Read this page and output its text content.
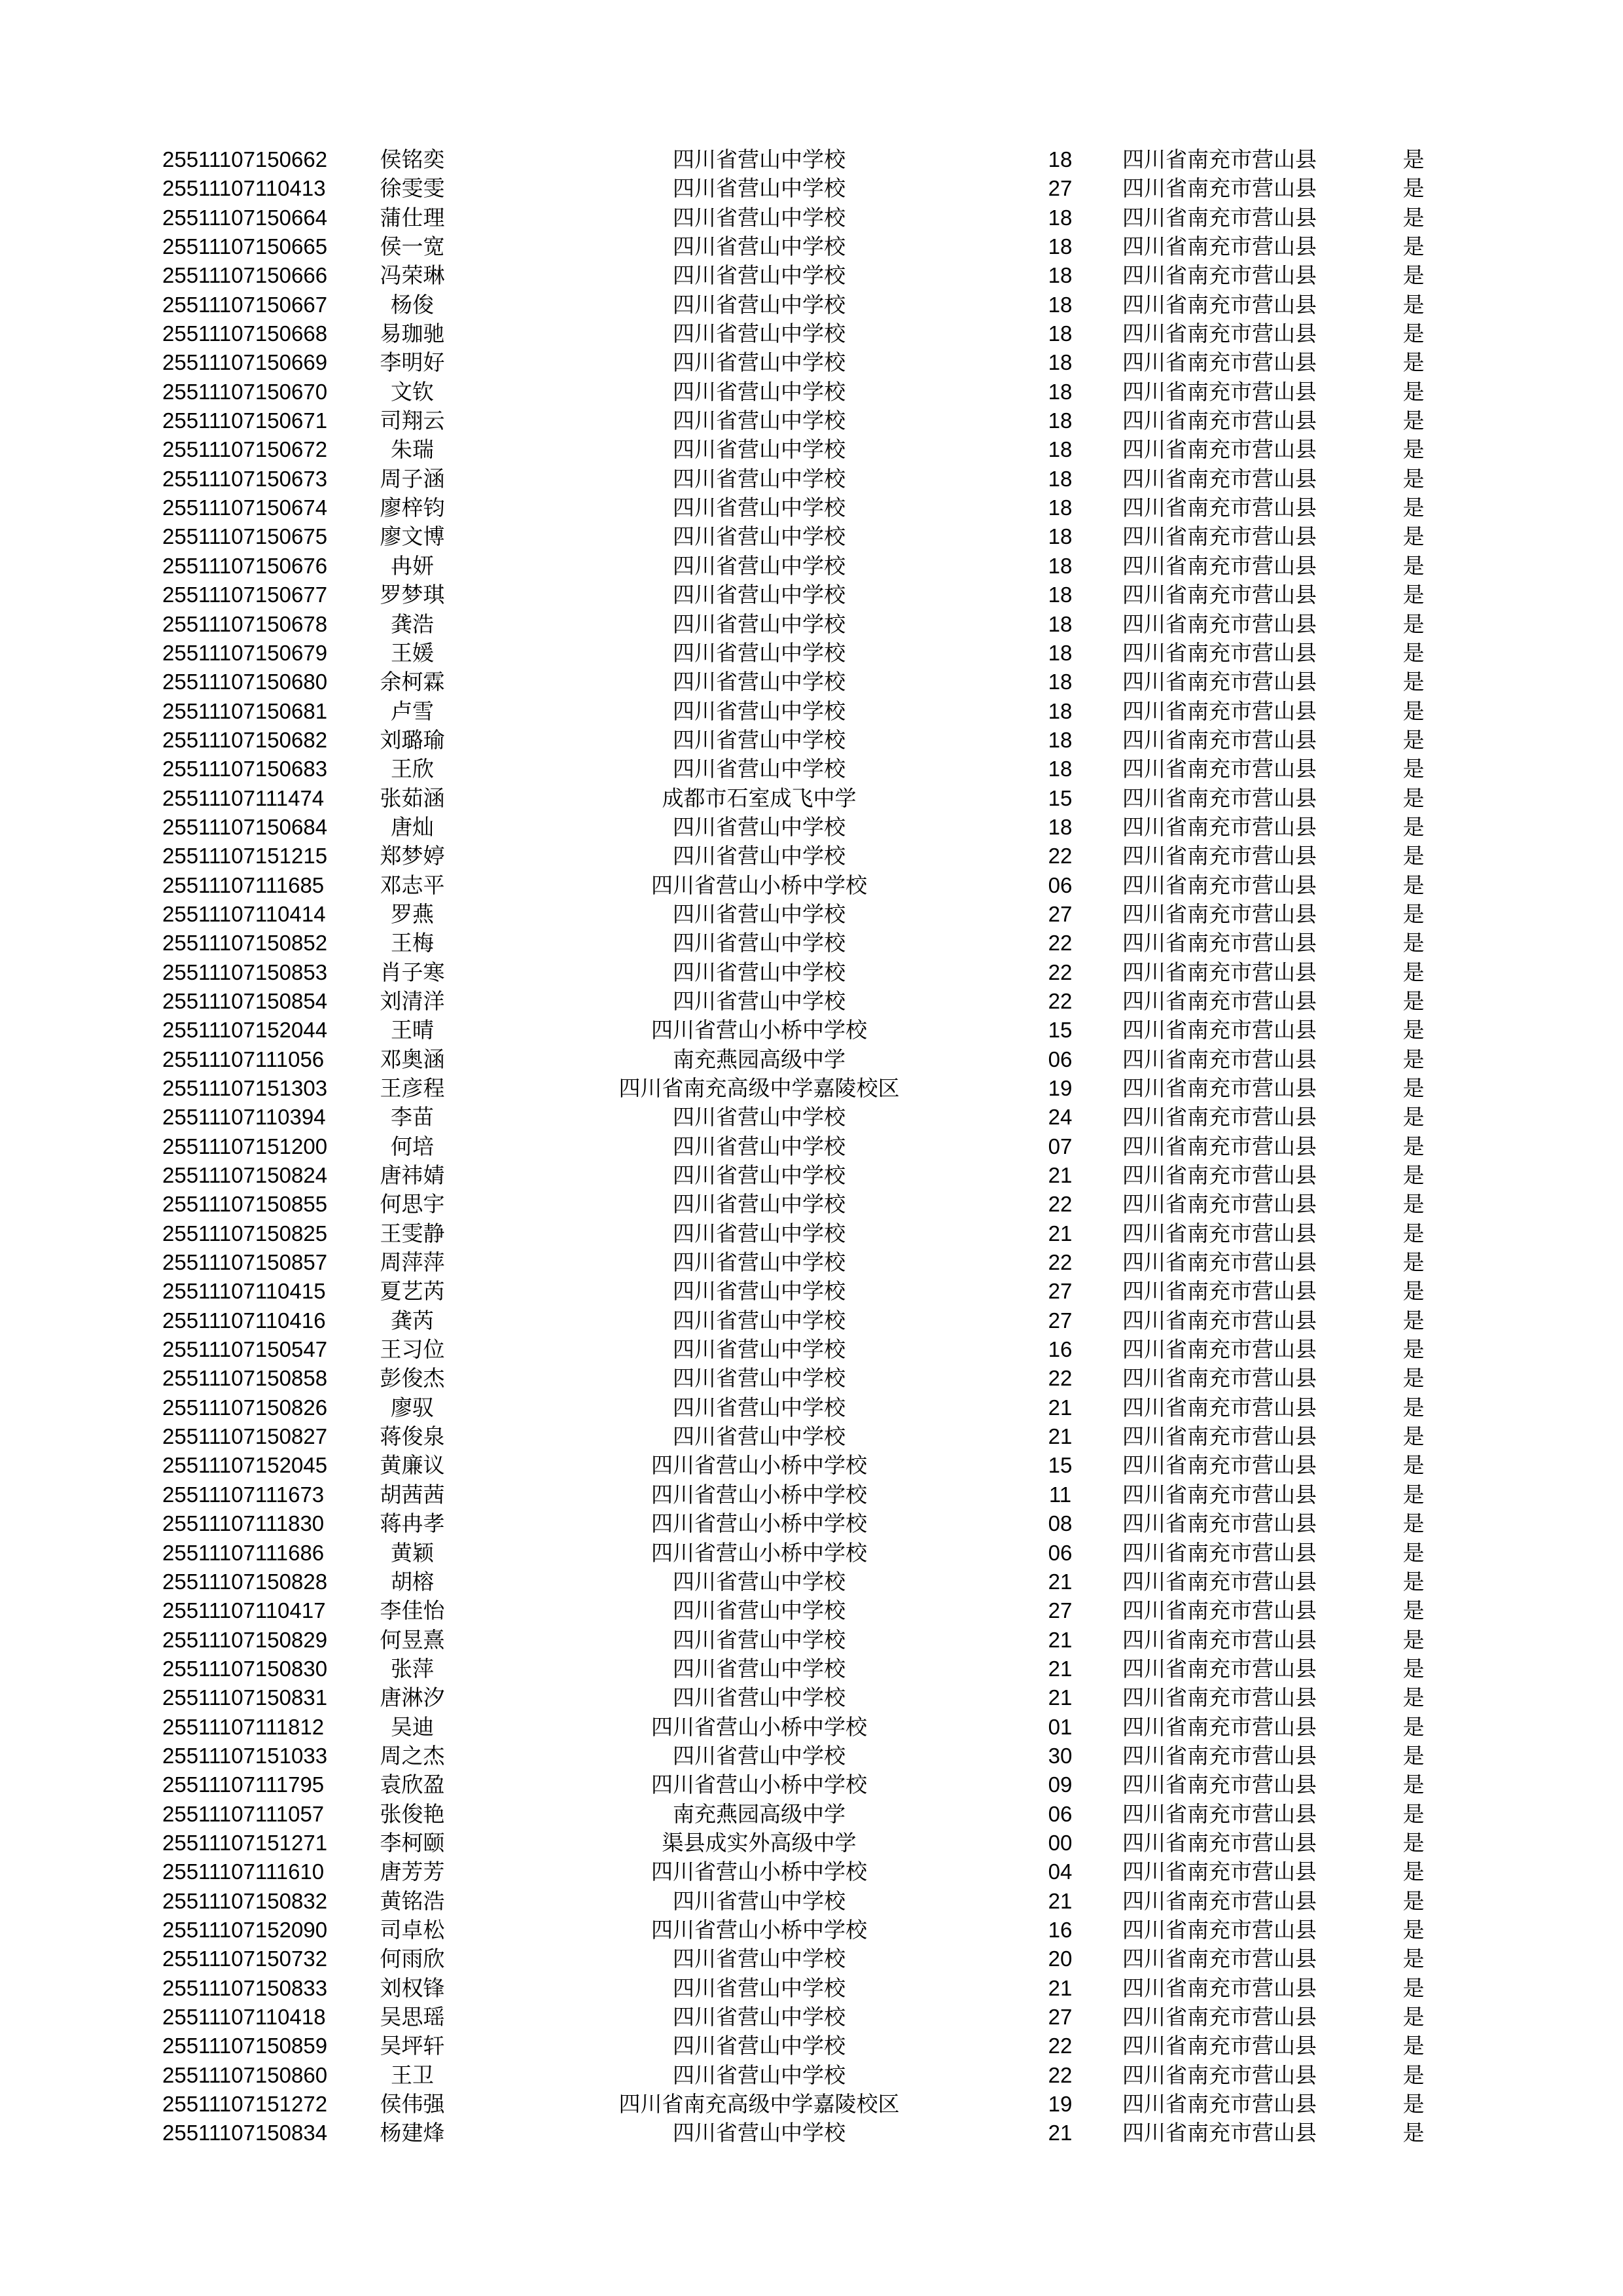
25511107150662	侯铭奕	四川省营山中学校	18	四川省南充市营山县	是
25511107110413	徐雯雯	四川省营山中学校	27	四川省南充市营山县	是
25511107150664	蒲仕理	四川省营山中学校	18	四川省南充市营山县	是
25511107150665	侯一宽	四川省营山中学校	18	四川省南充市营山县	是
25511107150666	冯荣琳	四川省营山中学校	18	四川省南充市营山县	是
25511107150667	杨俊	四川省营山中学校	18	四川省南充市营山县	是
25511107150668	易珈驰	四川省营山中学校	18	四川省南充市营山县	是
25511107150669	李明好	四川省营山中学校	18	四川省南充市营山县	是
25511107150670	文钦	四川省营山中学校	18	四川省南充市营山县	是
25511107150671	司翔云	四川省营山中学校	18	四川省南充市营山县	是
25511107150672	朱瑞	四川省营山中学校	18	四川省南充市营山县	是
25511107150673	周子涵	四川省营山中学校	18	四川省南充市营山县	是
25511107150674	廖梓钧	四川省营山中学校	18	四川省南充市营山县	是
25511107150675	廖文博	四川省营山中学校	18	四川省南充市营山县	是
25511107150676	冉妍	四川省营山中学校	18	四川省南充市营山县	是
25511107150677	罗梦琪	四川省营山中学校	18	四川省南充市营山县	是
25511107150678	龚浩	四川省营山中学校	18	四川省南充市营山县	是
25511107150679	王媛	四川省营山中学校	18	四川省南充市营山县	是
25511107150680	余柯霖	四川省营山中学校	18	四川省南充市营山县	是
25511107150681	卢雪	四川省营山中学校	18	四川省南充市营山县	是
25511107150682	刘璐瑜	四川省营山中学校	18	四川省南充市营山县	是
25511107150683	王欣	四川省营山中学校	18	四川省南充市营山县	是
25511107111474	张茹涵	成都市石室成飞中学	15	四川省南充市营山县	是
25511107150684	唐灿	四川省营山中学校	18	四川省南充市营山县	是
25511107151215	郑梦婷	四川省营山中学校	22	四川省南充市营山县	是
25511107111685	邓志平	四川省营山小桥中学校	06	四川省南充市营山县	是
25511107110414	罗燕	四川省营山中学校	27	四川省南充市营山县	是
25511107150852	王梅	四川省营山中学校	22	四川省南充市营山县	是
25511107150853	肖子寒	四川省营山中学校	22	四川省南充市营山县	是
25511107150854	刘清洋	四川省营山中学校	22	四川省南充市营山县	是
25511107152044	王晴	四川省营山小桥中学校	15	四川省南充市营山县	是
25511107111056	邓奥涵	南充燕园高级中学	06	四川省南充市营山县	是
25511107151303	王彦程	四川省南充高级中学嘉陵校区	19	四川省南充市营山县	是
25511107110394	李苗	四川省营山中学校	24	四川省南充市营山县	是
25511107151200	何培	四川省营山中学校	07	四川省南充市营山县	是
25511107150824	唐祎婧	四川省营山中学校	21	四川省南充市营山县	是
25511107150855	何思宇	四川省营山中学校	22	四川省南充市营山县	是
25511107150825	王雯静	四川省营山中学校	21	四川省南充市营山县	是
25511107150857	周萍萍	四川省营山中学校	22	四川省南充市营山县	是
25511107110415	夏艺芮	四川省营山中学校	27	四川省南充市营山县	是
25511107110416	龚芮	四川省营山中学校	27	四川省南充市营山县	是
25511107150547	王习位	四川省营山中学校	16	四川省南充市营山县	是
25511107150858	彭俊杰	四川省营山中学校	22	四川省南充市营山县	是
25511107150826	廖驭	四川省营山中学校	21	四川省南充市营山县	是
25511107150827	蒋俊泉	四川省营山中学校	21	四川省南充市营山县	是
25511107152045	黄廉议	四川省营山小桥中学校	15	四川省南充市营山县	是
25511107111673	胡茜茜	四川省营山小桥中学校	11	四川省南充市营山县	是
25511107111830	蒋冉孝	四川省营山小桥中学校	08	四川省南充市营山县	是
25511107111686	黄颖	四川省营山小桥中学校	06	四川省南充市营山县	是
25511107150828	胡榕	四川省营山中学校	21	四川省南充市营山县	是
25511107110417	李佳怡	四川省营山中学校	27	四川省南充市营山县	是
25511107150829	何昱熹	四川省营山中学校	21	四川省南充市营山县	是
25511107150830	张萍	四川省营山中学校	21	四川省南充市营山县	是
25511107150831	唐淋汐	四川省营山中学校	21	四川省南充市营山县	是
25511107111812	吴迪	四川省营山小桥中学校	01	四川省南充市营山县	是
25511107151033	周之杰	四川省营山中学校	30	四川省南充市营山县	是
25511107111795	袁欣盈	四川省营山小桥中学校	09	四川省南充市营山县	是
25511107111057	张俊艳	南充燕园高级中学	06	四川省南充市营山县	是
25511107151271	李柯颐	渠县成实外高级中学	00	四川省南充市营山县	是
25511107111610	唐芳芳	四川省营山小桥中学校	04	四川省南充市营山县	是
25511107150832	黄铭浩	四川省营山中学校	21	四川省南充市营山县	是
25511107152090	司卓松	四川省营山小桥中学校	16	四川省南充市营山县	是
25511107150732	何雨欣	四川省营山中学校	20	四川省南充市营山县	是
25511107150833	刘权锋	四川省营山中学校	21	四川省南充市营山县	是
25511107110418	吴思瑶	四川省营山中学校	27	四川省南充市营山县	是
25511107150859	吴坪轩	四川省营山中学校	22	四川省南充市营山县	是
25511107150860	王卫	四川省营山中学校	22	四川省南充市营山县	是
25511107151272	侯伟强	四川省南充高级中学嘉陵校区	19	四川省南充市营山县	是
25511107150834	杨建烽	四川省营山中学校	21	四川省南充市营山县	是
